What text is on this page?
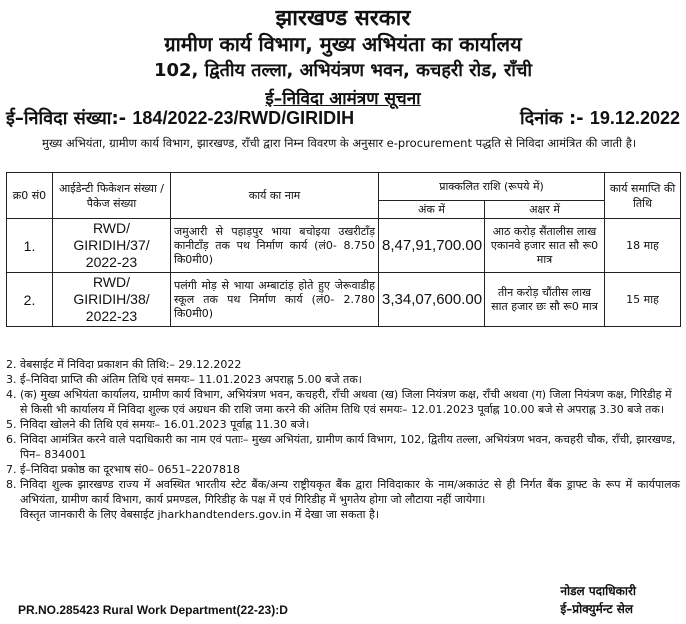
झारखण्ड सरकार
ग्रामीण कार्य विभाग, मुख्य अभियंता का कार्यालय
102, द्वितीय तल्ला, अभियंत्रण भवन, कचहरी रोड, राँची
ई–निविदा आमंत्रण सूचना
ई–निविदा संख्या:- 184/2022-23/RWD/GIRIDIH	दिनांक :- 19.12.2022
मुख्य अभियंता, ग्रामीण कार्य विभाग, झारखण्ड, राँची द्वारा निम्न विवरण के अनुसार e-procurement पद्धति से निविदा आमंत्रित की जाती है।
क्र0 सं0	आईडेन्टी फिकेशन संख्या / पैकेज संख्या	कार्य का नाम	प्राक्कलित राशि (रूपये में)		कार्य समाप्ति की तिथि
			अंक में	अक्षर में	
1.	RWD/ GIRIDIH/37/ 2022-23	जमुआरी से पहाड़पुर भाया बचोइया उखरीटाँड़ कानीटाँड़ तक पथ निर्माण कार्य (लं0- 8.750 कि0मी0)	8,47,91,700.00	आठ करोड़ सैंतालीस लाख एकानवे हजार सात सौ रू0 मात्र	18 माह
2.	RWD/ GIRIDIH/38/ 2022-23	पलंगी मोड़ से भाया अम्बाटांड़ होते हुए जेरूवाडीह स्कूल तक पथ निर्माण कार्य (लं0- 2.780 कि0मी0)	3,34,07,600.00	तीन करोड़ चौंतीस लाख सात हजार छः सौ रू0 मात्र	15 माह
2. वेबसाईट में निविदा प्रकाशन की तिथि:– 29.12.2022
3. ई–निविदा प्राप्ति की अंतिम तिथि एवं समयः– 11.01.2023 अपराह्न 5.00 बजे तक।
4. (क) मुख्य अभियंता कार्यालय, ग्रामीण कार्य विभाग, अभियंत्रण भवन, कचहरी, राँची अथवा (ख) जिला नियंत्रण कक्ष, राँची अथवा (ग) जिला नियंत्रण कक्ष, गिरिडीह में से किसी भी कार्यालय में निविदा शुल्क एवं अग्रधन की राशि जमा करने की अंतिम तिथि एवं समयः– 12.01.2023 पूर्वाह्न 10.00 बजे से अपराह्न 3.30 बजे तक।
5. निविदा खोलने की तिथि एवं समयः– 16.01.2023 पूर्वाह्न 11.30 बजे।
6. निविदा आमंत्रित करने वाले पदाधिकारी का नाम एवं पताः– मुख्य अभियंता, ग्रामीण कार्य विभाग, 102, द्वितीय तल्ला, अभियंत्रण भवन, कचहरी चौक, राँची, झारखण्ड, पिन– 834001
7. ई–निविदा प्रकोष्ठ का दूरभाष सं0– 0651–2207818
8. निविदा शुल्क झारखण्ड राज्य में अवस्थित भारतीय स्टेट बैंक/अन्य राष्ट्रीयकृत बैंक द्वारा निविदाकार के नाम/अकाउंट से ही निर्गत बैंक ड्राफ्ट के रूप में कार्यपालक अभियंता, ग्रामीण कार्य विभाग, कार्य प्रमण्डल, गिरिडीह के पक्ष में एवं गिरिडीह में भुगतेय होगा जो लौटाया नहीं जायेगा।
विस्तृत जानकारी के लिए वेबसाईट jharkhandtenders.gov.in में देखा जा सकता है।
नोडल पदाधिकारी
ई–प्रोक्युर्मन्ट सेल
PR.NO.285423 Rural Work Department(22-23):D
